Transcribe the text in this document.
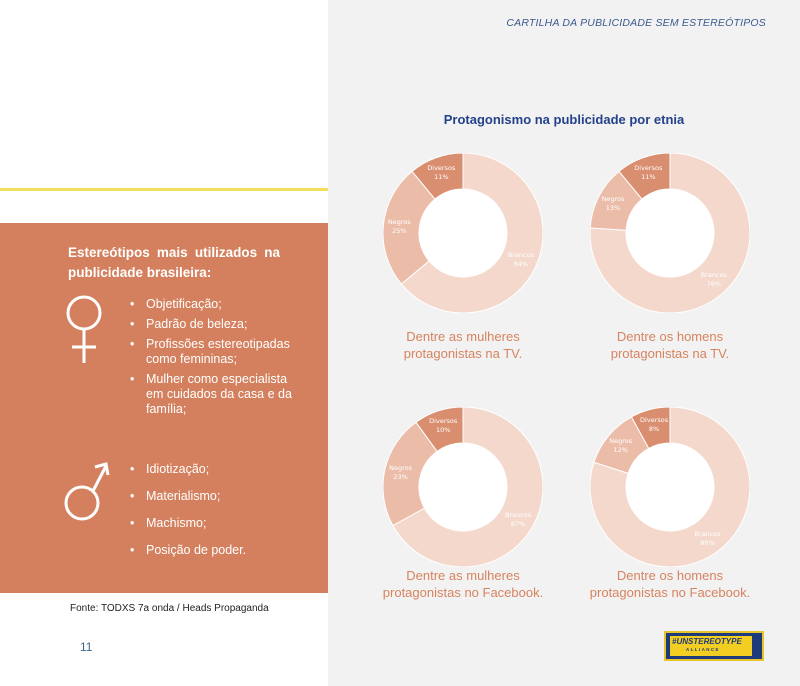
Estereótipos mais utilizados na
publicidade brasileira:
• Objetificação;
• Padrão de beleza;
• Profissões estereotipadas como femininas;
• Mulher como especialista em cuidados da casa e da família;
• Idiotização;
• Materialismo;
• Machismo;
• Posição de poder.
Fonte: TODXS 7a onda / Heads Propaganda
11
CARTILHA DA PUBLICIDADE SEM ESTEREÓTIPOS
Protagonismo na publicidade por etnia
Brancos
64%
Negros
25%
Diversos
11%
Dentre as mulheres protagonistas na TV.
Brancos
76%
Negros
13%
Diversos
11%
Dentre os homens protagonistas na TV.
Brancos
67%
Negros
23%
Diversos
10%
Dentre as mulheres protagonistas no Facebook.
Brancos
80%
Negros
12%
Diversos
8%
Dentre os homens protagonistas no Facebook.
#UNSTEREOTYPE
ALLIANCE
